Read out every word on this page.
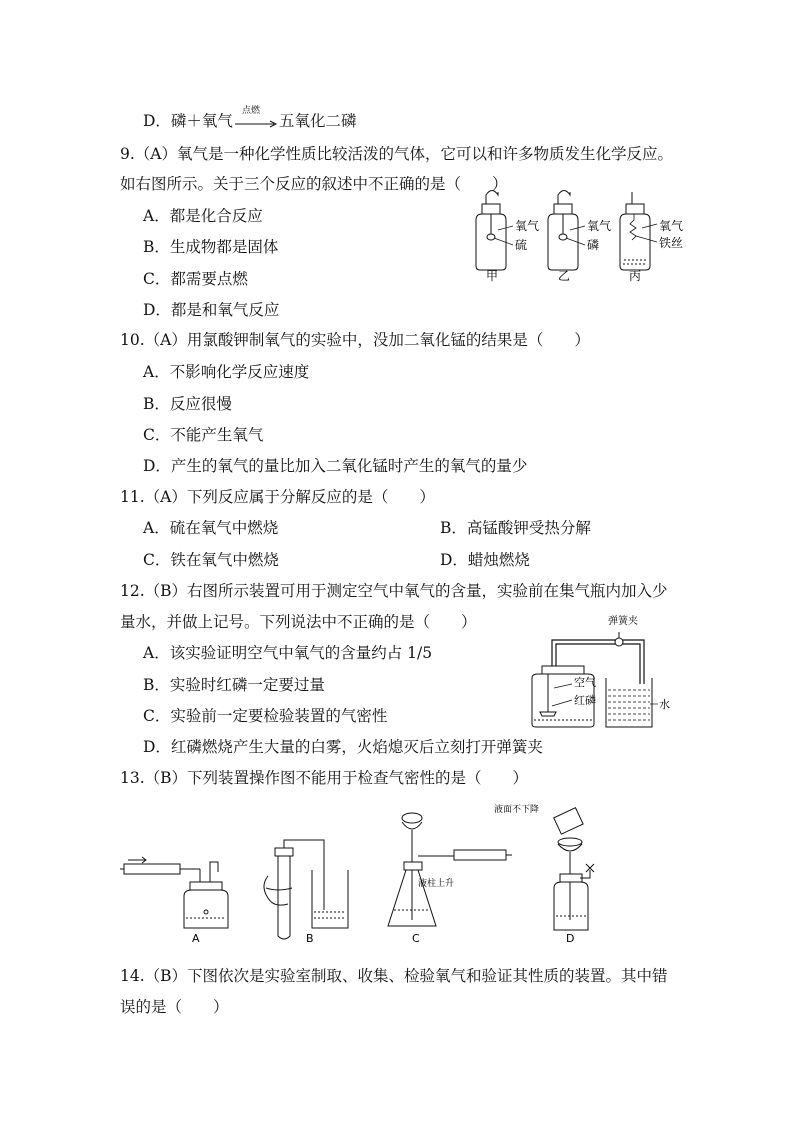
D．磷＋氧气
点燃
五氧化二磷
9.（A）氧气是一种化学性质比较活泼的气体，它可以和许多物质发生化学反应。
如右图所示。关于三个反应的叙述中不正确的是（　　）
A．都是化合反应
B．生成物都是固体
C．都需要点燃
D．都是和氧气反应
氧气
硫
甲
氧气
磷
乙
氧气
铁丝
丙
10.（A）用氯酸钾制氧气的实验中，没加二氧化锰的结果是（　　）
A．不影响化学反应速度
B．反应很慢
C．不能产生氧气
D．产生的氧气的量比加入二氧化锰时产生的氧气的量少
11.（A）下列反应属于分解反应的是（　　）
A．硫在氧气中燃烧	B．高锰酸钾受热分解
C．铁在氧气中燃烧	D．蜡烛燃烧
12.（B）右图所示装置可用于测定空气中氧气的含量，实验前在集气瓶内加入少
量水，并做上记号。下列说法中不正确的是（　　）
A．该实验证明空气中氧气的含量约占 1/5
B．实验时红磷一定要过量
C．实验前一定要检验装置的气密性
D．红磷燃烧产生大量的白雾，火焰熄灭后立刻打开弹簧夹
弹簧夹
空气
红磷	水
13.（B）下列装置操作图不能用于检查气密性的是（　　）
A	B
液柱上升
C
液面不下降
D
14.（B）下图依次是实验室制取、收集、检验氧气和验证其性质的装置。其中错
误的是（　　）
